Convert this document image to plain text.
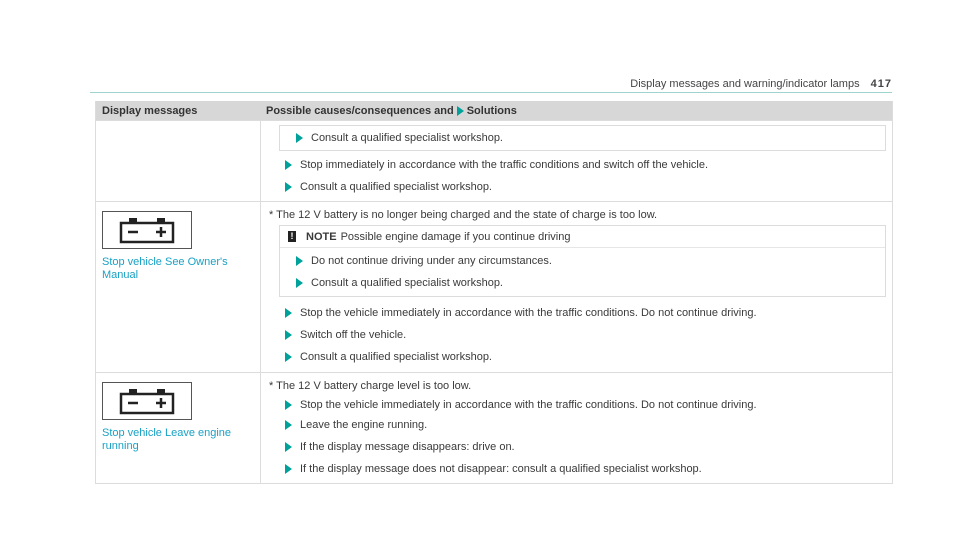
Display messages and warning/indicator lamps 417
Display messages	Possible causes/consequences and Solutions
Consult a qualified specialist workshop.
Stop immediately in accordance with the traffic conditions and switch off the vehicle.
Consult a qualified specialist workshop.
Stop vehicle See Owner's Manual
* The 12 V battery is no longer being charged and the state of charge is too low.
! NOTE Possible engine damage if you continue driving
Do not continue driving under any circumstances.
Consult a qualified specialist workshop.
Stop the vehicle immediately in accordance with the traffic conditions. Do not continue driving.
Switch off the vehicle.
Consult a qualified specialist workshop.
Stop vehicle Leave engine running
* The 12 V battery charge level is too low.
Stop the vehicle immediately in accordance with the traffic conditions. Do not continue driving.
Leave the engine running.
If the display message disappears: drive on.
If the display message does not disappear: consult a qualified specialist workshop.
